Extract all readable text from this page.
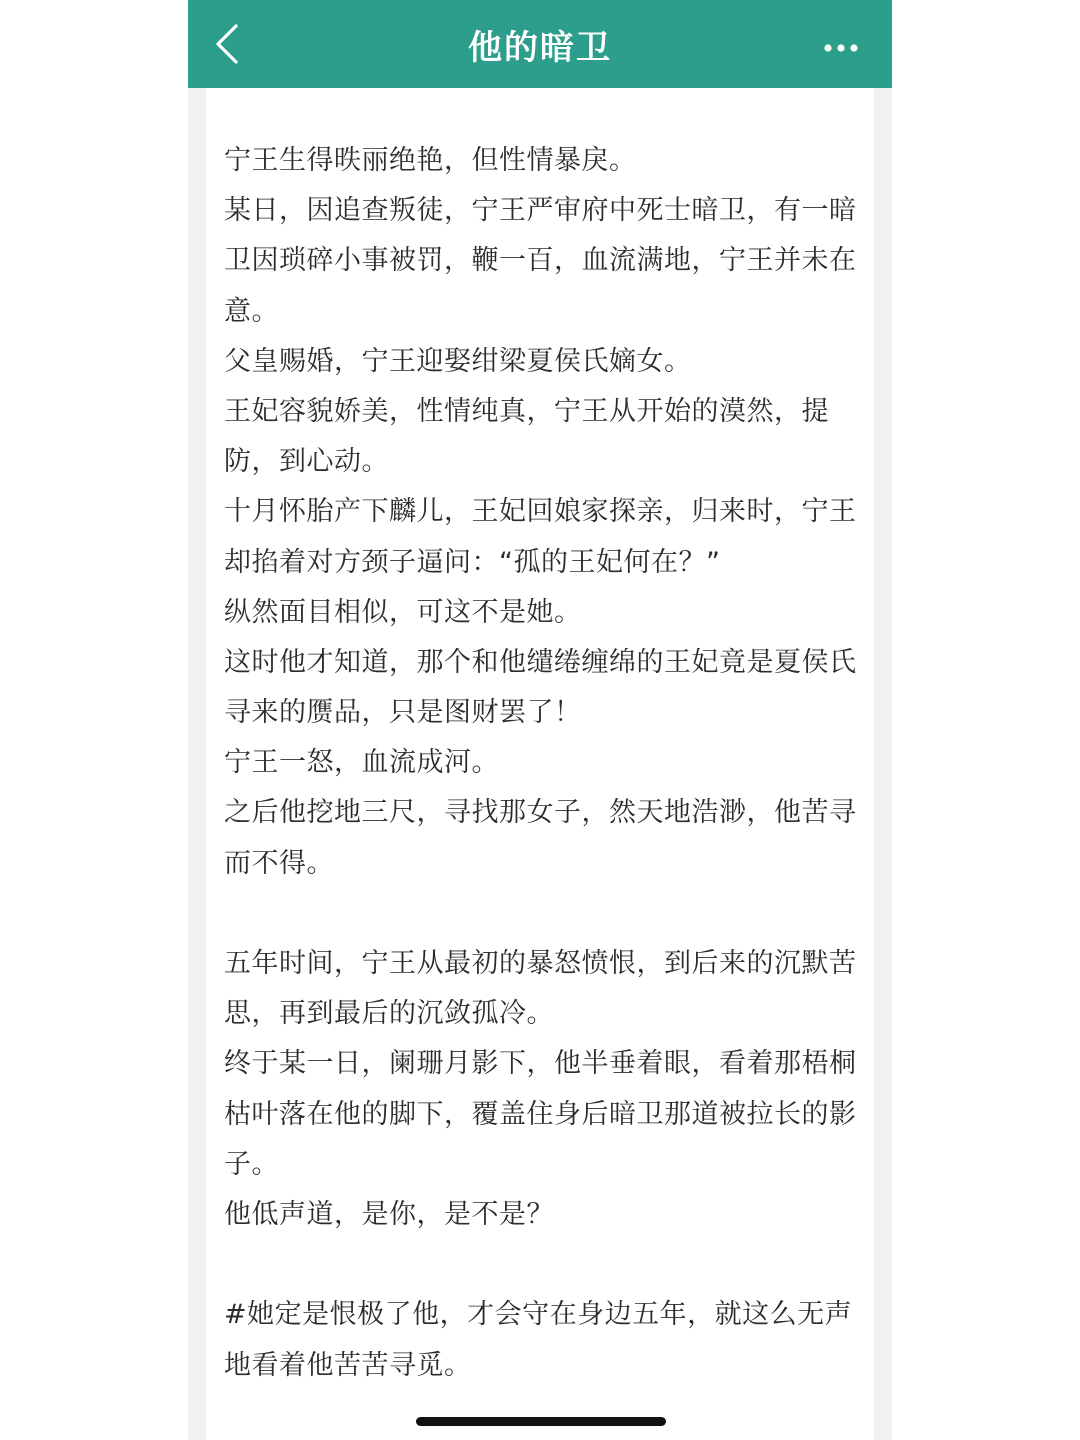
他的暗卫
宁王生得昳丽绝艳，但性情暴戾。
某日，因追查叛徒，宁王严审府中死士暗卫，有一暗
卫因琐碎小事被罚，鞭一百，血流满地，宁王并未在
意。
父皇赐婚，宁王迎娶绀梁夏侯氏嫡女。
王妃容貌娇美，性情纯真，宁王从开始的漠然，提
防，到心动。
十月怀胎产下麟儿，王妃回娘家探亲，归来时，宁王
却掐着对方颈子逼问：“孤的王妃何在？”
纵然面目相似，可这不是她。
这时他才知道，那个和他缱绻缠绵的王妃竟是夏侯氏
寻来的赝品，只是图财罢了！
宁王一怒，血流成河。
之后他挖地三尺，寻找那女子，然天地浩渺，他苦寻
而不得。
五年时间，宁王从最初的暴怒愤恨，到后来的沉默苦
思，再到最后的沉敛孤冷。
终于某一日，阑珊月影下，他半垂着眼，看着那梧桐
枯叶落在他的脚下，覆盖住身后暗卫那道被拉长的影
子。
他低声道，是你，是不是？
#她定是恨极了他，才会守在身边五年，就这么无声
地看着他苦苦寻觅。
